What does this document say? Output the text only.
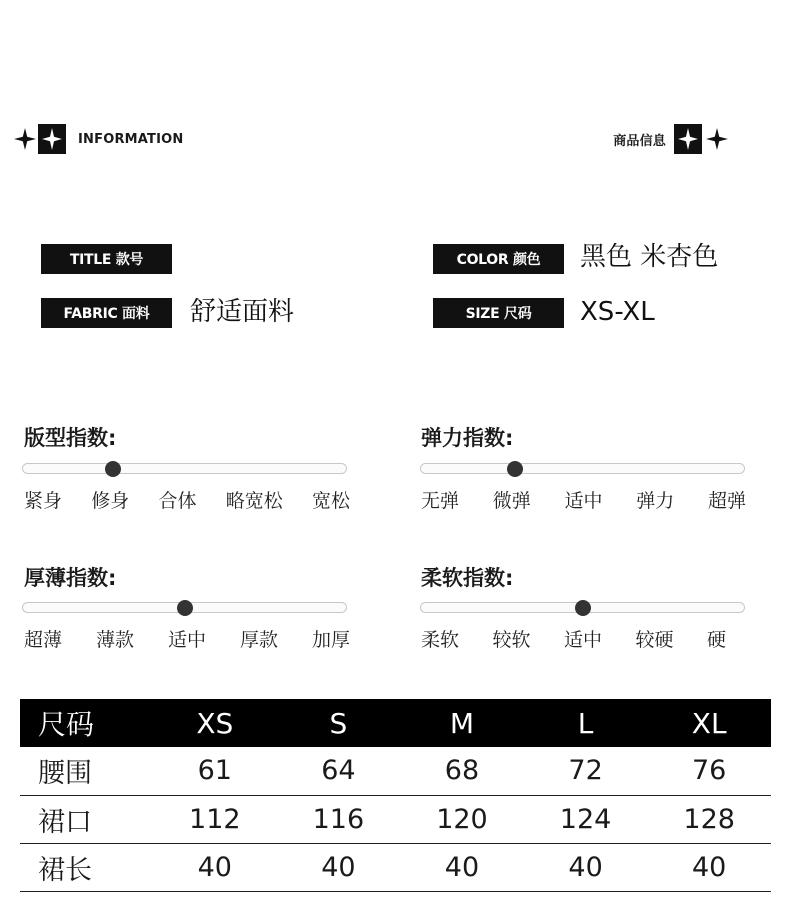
INFORMATION	商品信息
TITLE 款号	COLOR 颜色	黑色 米杏色
FABRIC 面料	舒适面料	SIZE 尺码	XS-XL
版型指数:
紧身 修身 合体 略宽松 宽松
弹力指数:
无弹 微弹 适中 弹力 超弹
厚薄指数:
超薄 薄款 适中 厚款 加厚
柔软指数:
柔软 较软 适中 较硬 硬
尺码	XS	S	M	L	XL
腰围	61	64	68	72	76
裙口	112	116	120	124	128
裙长	40	40	40	40	40
